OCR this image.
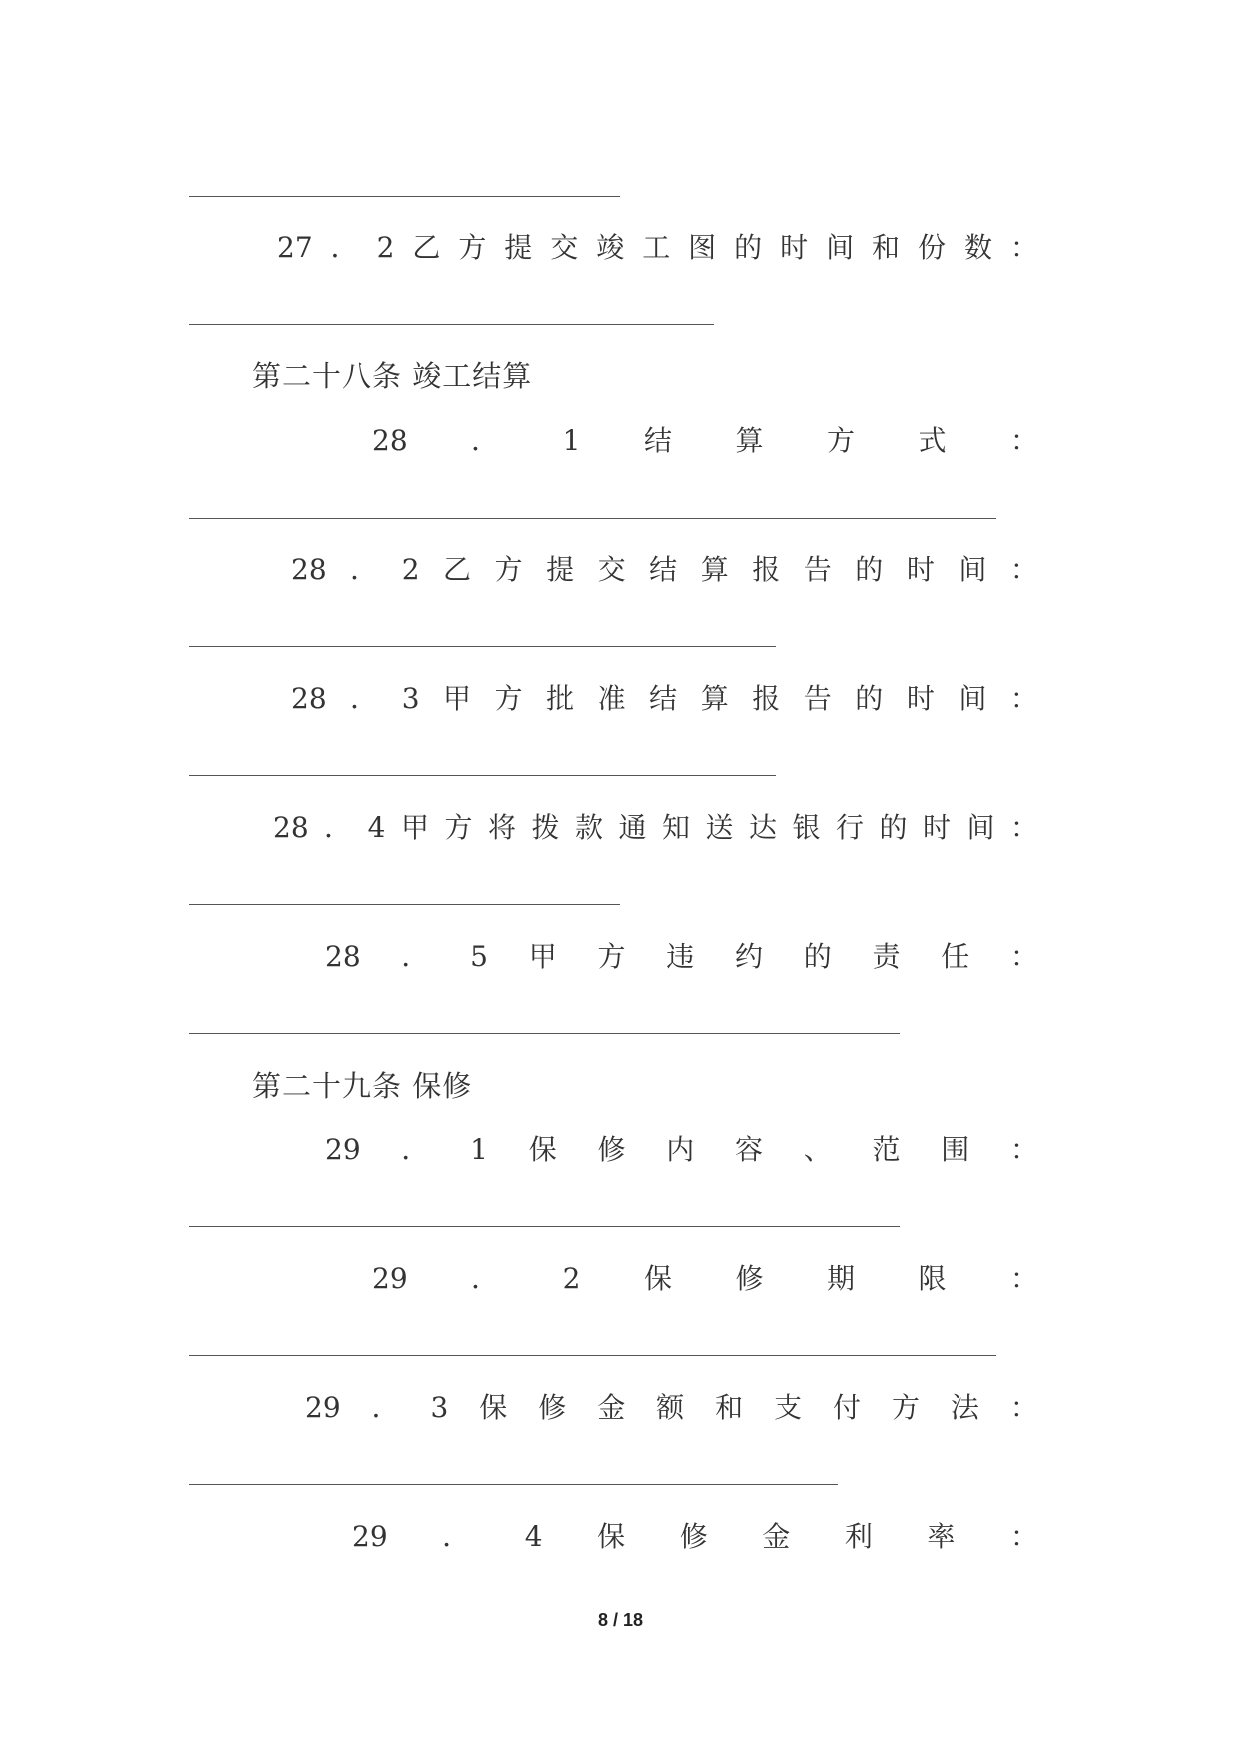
27 ． 2 乙 方 提 交 竣 工 图 的 时 间 和 份 数 ：
第二十八条 竣工结算
28 ． 1 结 算 方 式 ：
28 ． 2 乙 方 提 交 结 算 报 告 的 时 间 ：
28 ． 3 甲 方 批 准 结 算 报 告 的 时 间 ：
28 ． 4 甲 方 将 拨 款 通 知 送 达 银 行 的 时 间 ：
28 ． 5 甲 方 违 约 的 责 任 ：
第二十九条 保修
29 ． 1 保 修 内 容 、 范 围 ：
29 ． 2 保 修 期 限 ：
29 ． 3 保 修 金 额 和 支 付 方 法 ：
29 ． 4 保 修 金 利 率 ：
8 / 18
